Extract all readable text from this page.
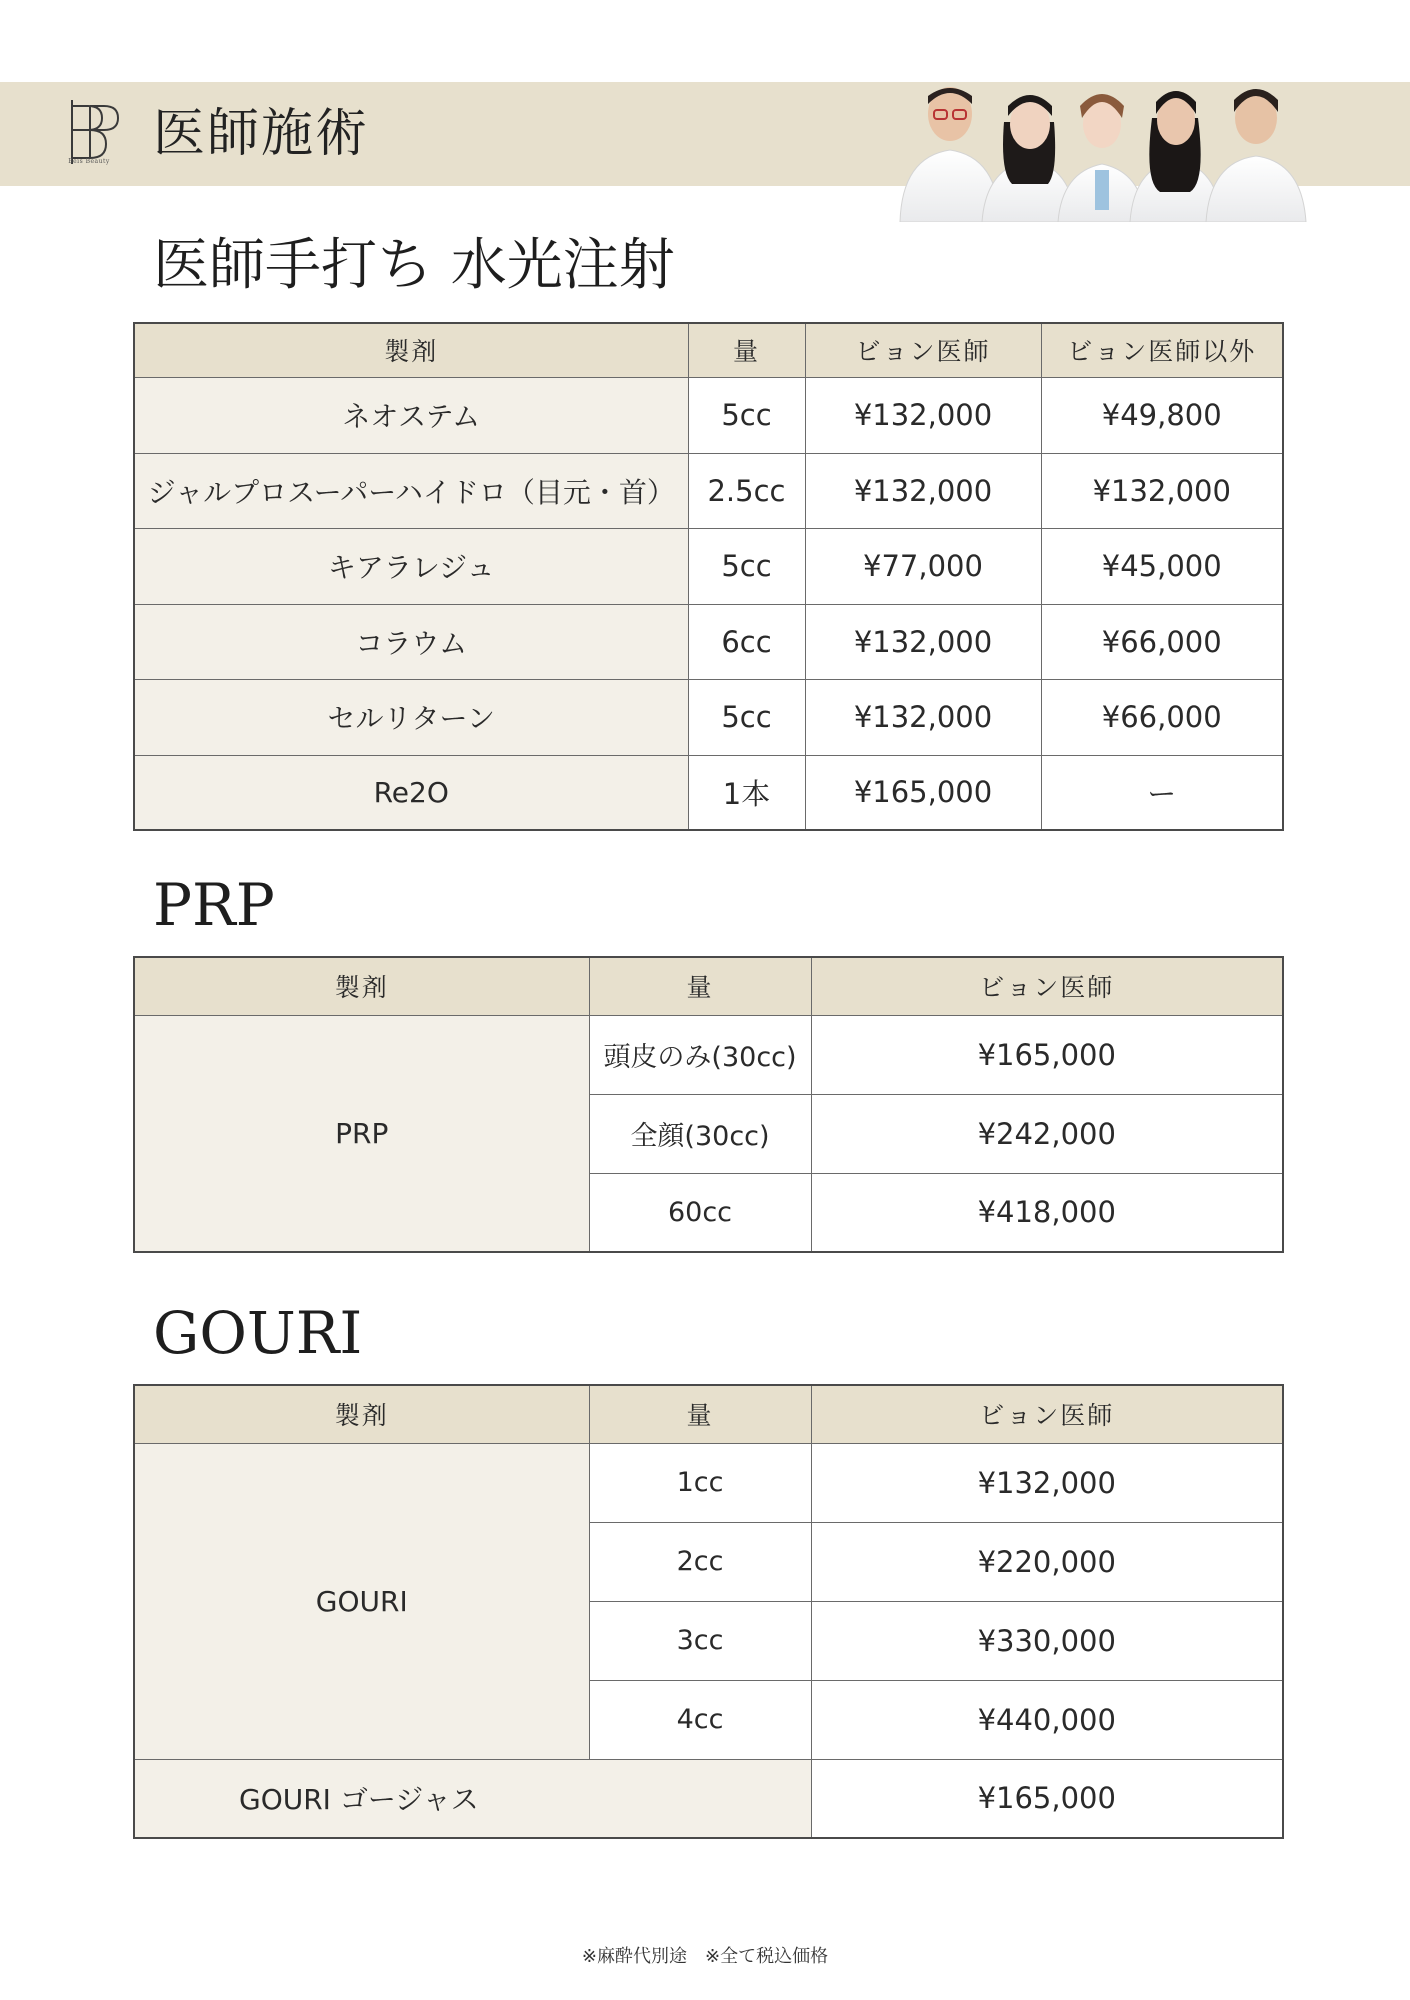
Beis Beauty 医師施術
医師手打ち 水光注射
製剤	量	ビョン医師	ビョン医師以外
ネオステム	5cc	¥132,000	¥49,800
ジャルプロスーパーハイドロ（目元・首）	2.5cc	¥132,000	¥132,000
キアラレジュ	5cc	¥77,000	¥45,000
コラウム	6cc	¥132,000	¥66,000
セルリターン	5cc	¥132,000	¥66,000
Re2O	1本	¥165,000	ー
PRP
製剤	量	ビョン医師
PRP	頭皮のみ(30cc)	¥165,000
	全顔(30cc)	¥242,000
	60cc	¥418,000
GOURI
製剤	量	ビョン医師
GOURI	1cc	¥132,000
	2cc	¥220,000
	3cc	¥330,000
	4cc	¥440,000
GOURI ゴージャス		¥165,000
※麻酔代別途　※全て税込価格
